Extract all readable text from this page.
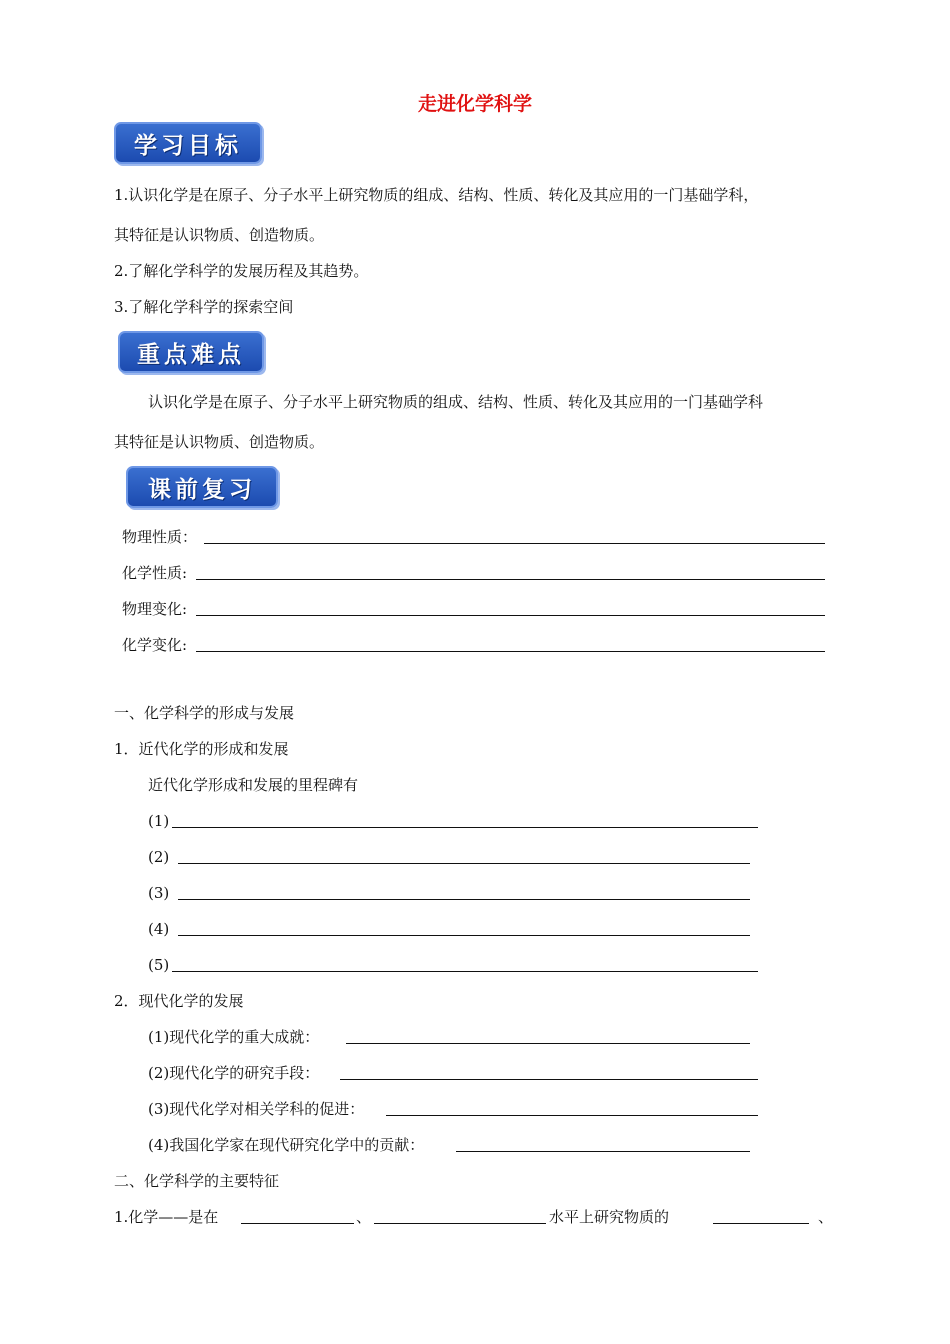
走进化学科学
学习目标
1.认识化学是在原子、分子水平上研究物质的组成、结构、性质、转化及其应用的一门基础学科，
其特征是认识物质、创造物质。
2.了解化学科学的发展历程及其趋势。
3.了解化学科学的探索空间
重点难点
认识化学是在原子、分子水平上研究物质的组成、结构、性质、转化及其应用的一门基础学科
其特征是认识物质、创造物质。
课前复习
物理性质：
化学性质:
物理变化:
化学变化:
一、化学科学的形成与发展
1．近代化学的形成和发展
近代化学形成和发展的里程碑有
(1)
(2)
(3)
(4)
(5)
2．现代化学的发展
(1)现代化学的重大成就：
(2)现代化学的研究手段：
(3)现代化学对相关学科的促进：
(4)我国化学家在现代研究化学中的贡献：
二、化学科学的主要特征
1.化学——是在	、	水平上研究物质的	、
